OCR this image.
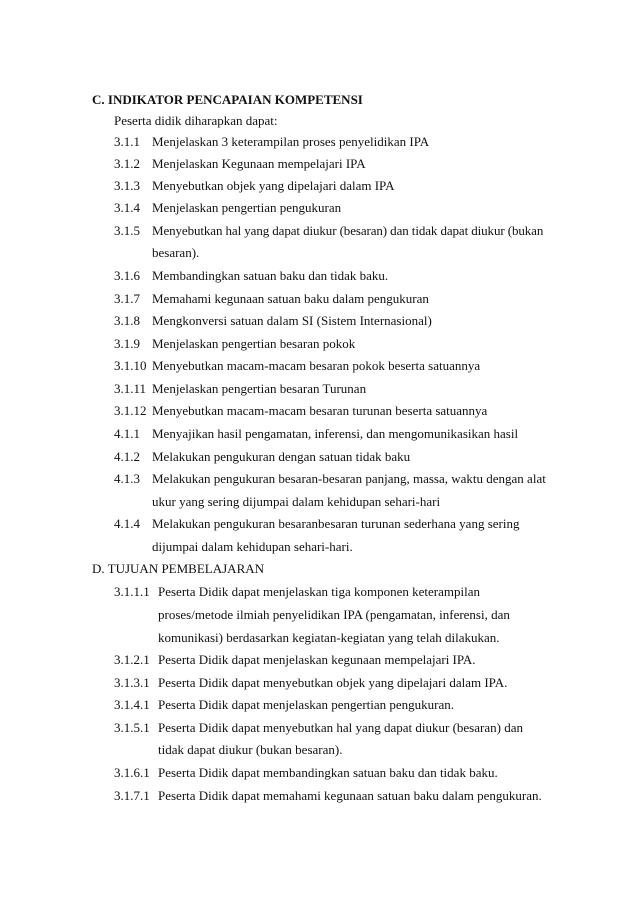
C. INDIKATOR PENCAPAIAN KOMPETENSI
Peserta didik diharapkan dapat:
3.1.1 Menjelaskan 3 keterampilan proses penyelidikan IPA
3.1.2 Menjelaskan Kegunaan mempelajari IPA
3.1.3 Menyebutkan objek yang dipelajari dalam IPA
3.1.4 Menjelaskan pengertian pengukuran
3.1.5 Menyebutkan hal yang dapat diukur (besaran) dan tidak dapat diukur (bukan
besaran).
3.1.6 Membandingkan satuan baku dan tidak baku.
3.1.7 Memahami kegunaan satuan baku dalam pengukuran
3.1.8 Mengkonversi satuan dalam SI (Sistem Internasional)
3.1.9 Menjelaskan pengertian besaran pokok
3.1.10 Menyebutkan macam-macam besaran pokok beserta satuannya
3.1.11 Menjelaskan pengertian besaran Turunan
3.1.12 Menyebutkan macam-macam besaran turunan beserta satuannya
4.1.1 Menyajikan hasil pengamatan, inferensi, dan mengomunikasikan hasil
4.1.2 Melakukan pengukuran dengan satuan tidak baku
4.1.3 Melakukan pengukuran besaran-besaran panjang, massa, waktu dengan alat
ukur yang sering dijumpai dalam kehidupan sehari-hari
4.1.4 Melakukan pengukuran besaranbesaran turunan sederhana yang sering
dijumpai dalam kehidupan sehari-hari.
D. TUJUAN PEMBELAJARAN
3.1.1.1 Peserta Didik dapat menjelaskan tiga komponen keterampilan
proses/metode ilmiah penyelidikan IPA (pengamatan, inferensi, dan
komunikasi) berdasarkan kegiatan-kegiatan yang telah dilakukan.
3.1.2.1 Peserta Didik dapat menjelaskan kegunaan mempelajari IPA.
3.1.3.1 Peserta Didik dapat menyebutkan objek yang dipelajari dalam IPA.
3.1.4.1 Peserta Didik dapat menjelaskan pengertian pengukuran.
3.1.5.1 Peserta Didik dapat menyebutkan hal yang dapat diukur (besaran) dan
tidak dapat diukur (bukan besaran).
3.1.6.1 Peserta Didik dapat membandingkan satuan baku dan tidak baku.
3.1.7.1 Peserta Didik dapat memahami kegunaan satuan baku dalam pengukuran.
